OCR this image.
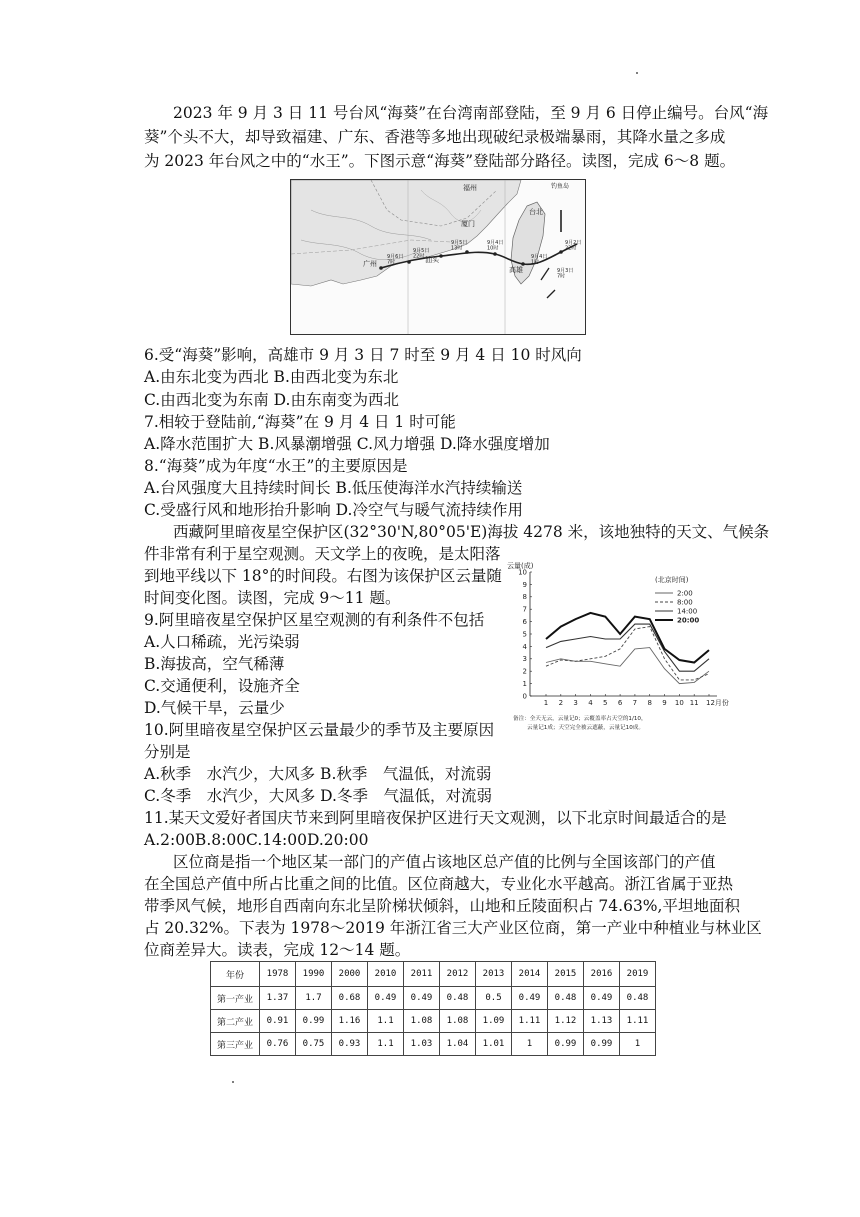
2023 年 9 月 3 日 11 号台风“海葵”在台湾南部登陆，至 9 月 6 日停止编号。台风“海
葵”个头不大，却导致福建、广东、香港等多地出现破纪录极端暴雨，其降水量之多成
为 2023 年台风之中的“水王”。下图示意“海葵”登陆部分路径。读图，完成 6～8 题。
福州	钓鱼岛
厦门
台北
汕头
广州
高雄
9月2日 22时
9月3日 7时
9月4日 1时
9月4日 10时
9月5日 13时
9月5日 22时
9月6日 7时
6.受“海葵”影响，高雄市 9 月 3 日 7 时至 9 月 4 日 10 时风向
A.由东北变为西北 B.由西北变为东北
C.由西北变为东南 D.由东南变为西北
7.相较于登陆前,“海葵”在 9 月 4 日 1 时可能
A.降水范围扩大 B.风暴潮增强 C.风力增强 D.降水强度增加
8.“海葵”成为年度“水王”的主要原因是
A.台风强度大且持续时间长 B.低压使海洋水汽持续输送
C.受盛行风和地形抬升影响 D.冷空气与暖气流持续作用
西藏阿里暗夜星空保护区(32°30'N,80°05'E)海拔 4278 米，该地独特的天文、气候条
件非常有利于星空观测。天文学上的夜晚，是太阳落
到地平线以下 18°的时间段。右图为该保护区云量随
时间变化图。读图，完成 9～11 题。
9.阿里暗夜星空保护区星空观测的有利条件不包括
A.人口稀疏，光污染弱
B.海拔高，空气稀薄
C.交通便利，设施齐全
D.气候干旱，云量少
10.阿里暗夜星空保护区云量最少的季节及主要原因
分别是
A.秋季　水汽少，大风多 B.秋季　气温低，对流弱
C.冬季　水汽少，大风多 D.冬季　气温低，对流弱
11.某天文爱好者国庆节来到阿里暗夜保护区进行天文观测，以下北京时间最适合的是
A.2:00B.8:00C.14:00D.20:00
云量(成)
0
1
2
3
4
5
6
7
8
9
10
1 2 3 4 5 6 7 8 9 10 11 12月份
(北京时间)
2:00
8:00
14:00
20:00
备注：全天无云，云量记0；云覆盖率占天空的1/10，
云量记1成；天空完全被云遮蔽，云量记10成。
区位商是指一个地区某一部门的产值占该地区总产值的比例与全国该部门的产值
在全国总产值中所占比重之间的比值。区位商越大，专业化水平越高。浙江省属于亚热
带季风气候，地形自西南向东北呈阶梯状倾斜，山地和丘陵面积占 74.63%,平坦地面积
占 20.32%。下表为 1978～2019 年浙江省三大产业区位商，第一产业中种植业与林业区
位商差异大。读表，完成 12～14 题。
年份	1978	1990	2000	2010	2011	2012	2013	2014	2015	2016	2019
第一产业	1.37	1.7	0.68	0.49	0.49	0.48	0.5	0.49	0.48	0.49	0.48
第二产业	0.91	0.99	1.16	1.1	1.08	1.08	1.09	1.11	1.12	1.13	1.11
第三产业	0.76	0.75	0.93	1.1	1.03	1.04	1.01	1	0.99	0.99	1
